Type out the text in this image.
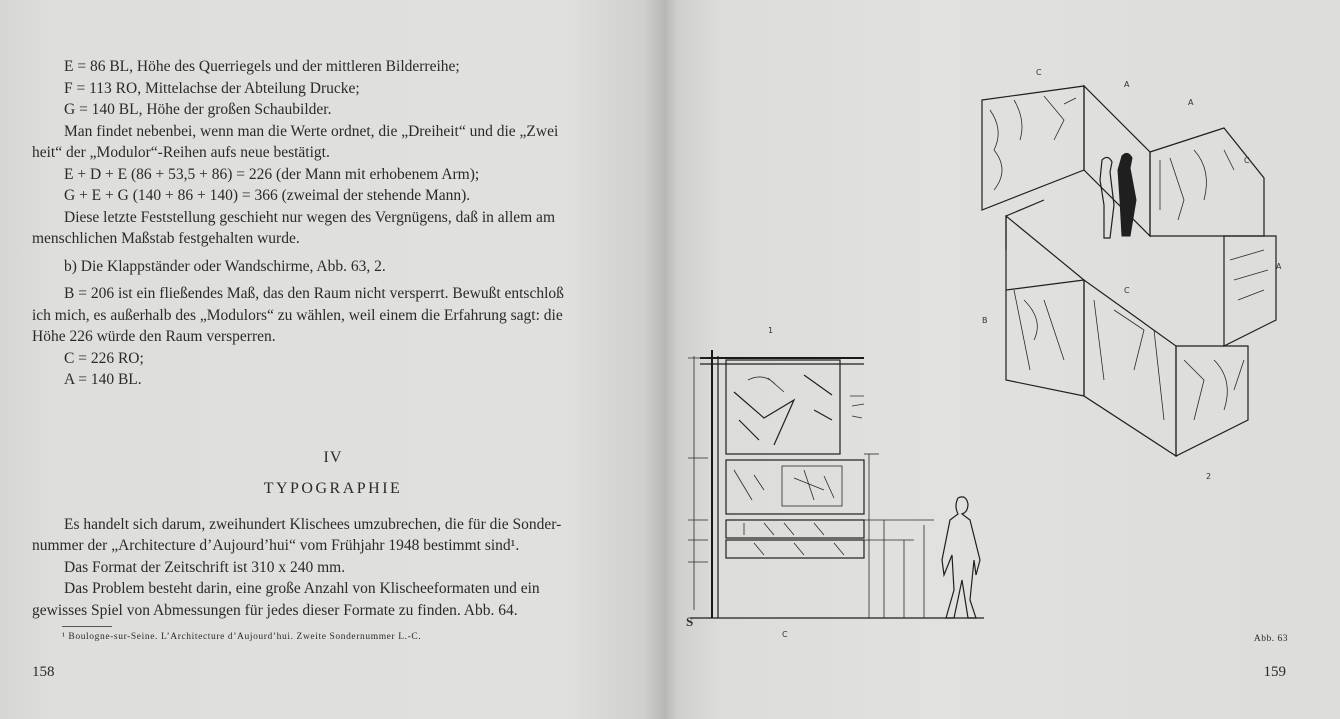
E = 86 BL, Höhe des Querriegels und der mittleren Bilderreihe;
F = 113 RO, Mittelachse der Abteilung Drucke;
G = 140 BL, Höhe der großen Schaubilder.
Man findet nebenbei, wenn man die Werte ordnet, die „Dreiheit“ und die „Zwei
heit“ der „Modulor“-Reihen aufs neue bestätigt.
E + D + E (86 + 53,5 + 86) = 226 (der Mann mit erhobenem Arm);
G + E + G (140 + 86 + 140) = 366 (zweimal der stehende Mann).
Diese letzte Feststellung geschieht nur wegen des Vergnügens, daß in allem am
menschlichen Maßstab festgehalten wurde.
b) Die Klappständer oder Wandschirme, Abb. 63, 2.
B = 206 ist ein fließendes Maß, das den Raum nicht versperrt. Bewußt entschloß
ich mich, es außerhalb des „Modulors“ zu wählen, weil einem die Erfahrung sagt: die
Höhe 226 würde den Raum versperren.
C = 226 RO;
A = 140 BL.
IV
TYPOGRAPHIE
Es handelt sich darum, zweihundert Klischees umzubrechen, die für die Sonder-
nummer der „Architecture d’Aujourd’hui“ vom Frühjahr 1948 bestimmt sind¹.
Das Format der Zeitschrift ist 310 x 240 mm.
Das Problem besteht darin, eine große Anzahl von Klischeeformaten und ein
gewisses Spiel von Abmessungen für jedes dieser Formate zu finden. Abb. 64.
¹ Boulogne-sur-Seine. L’Architecture d’Aujourd’hui. Zweite Sondernummer L.-C.
158
1
2
S
C
A
A
A
C
C
C
B
Abb. 63
159
